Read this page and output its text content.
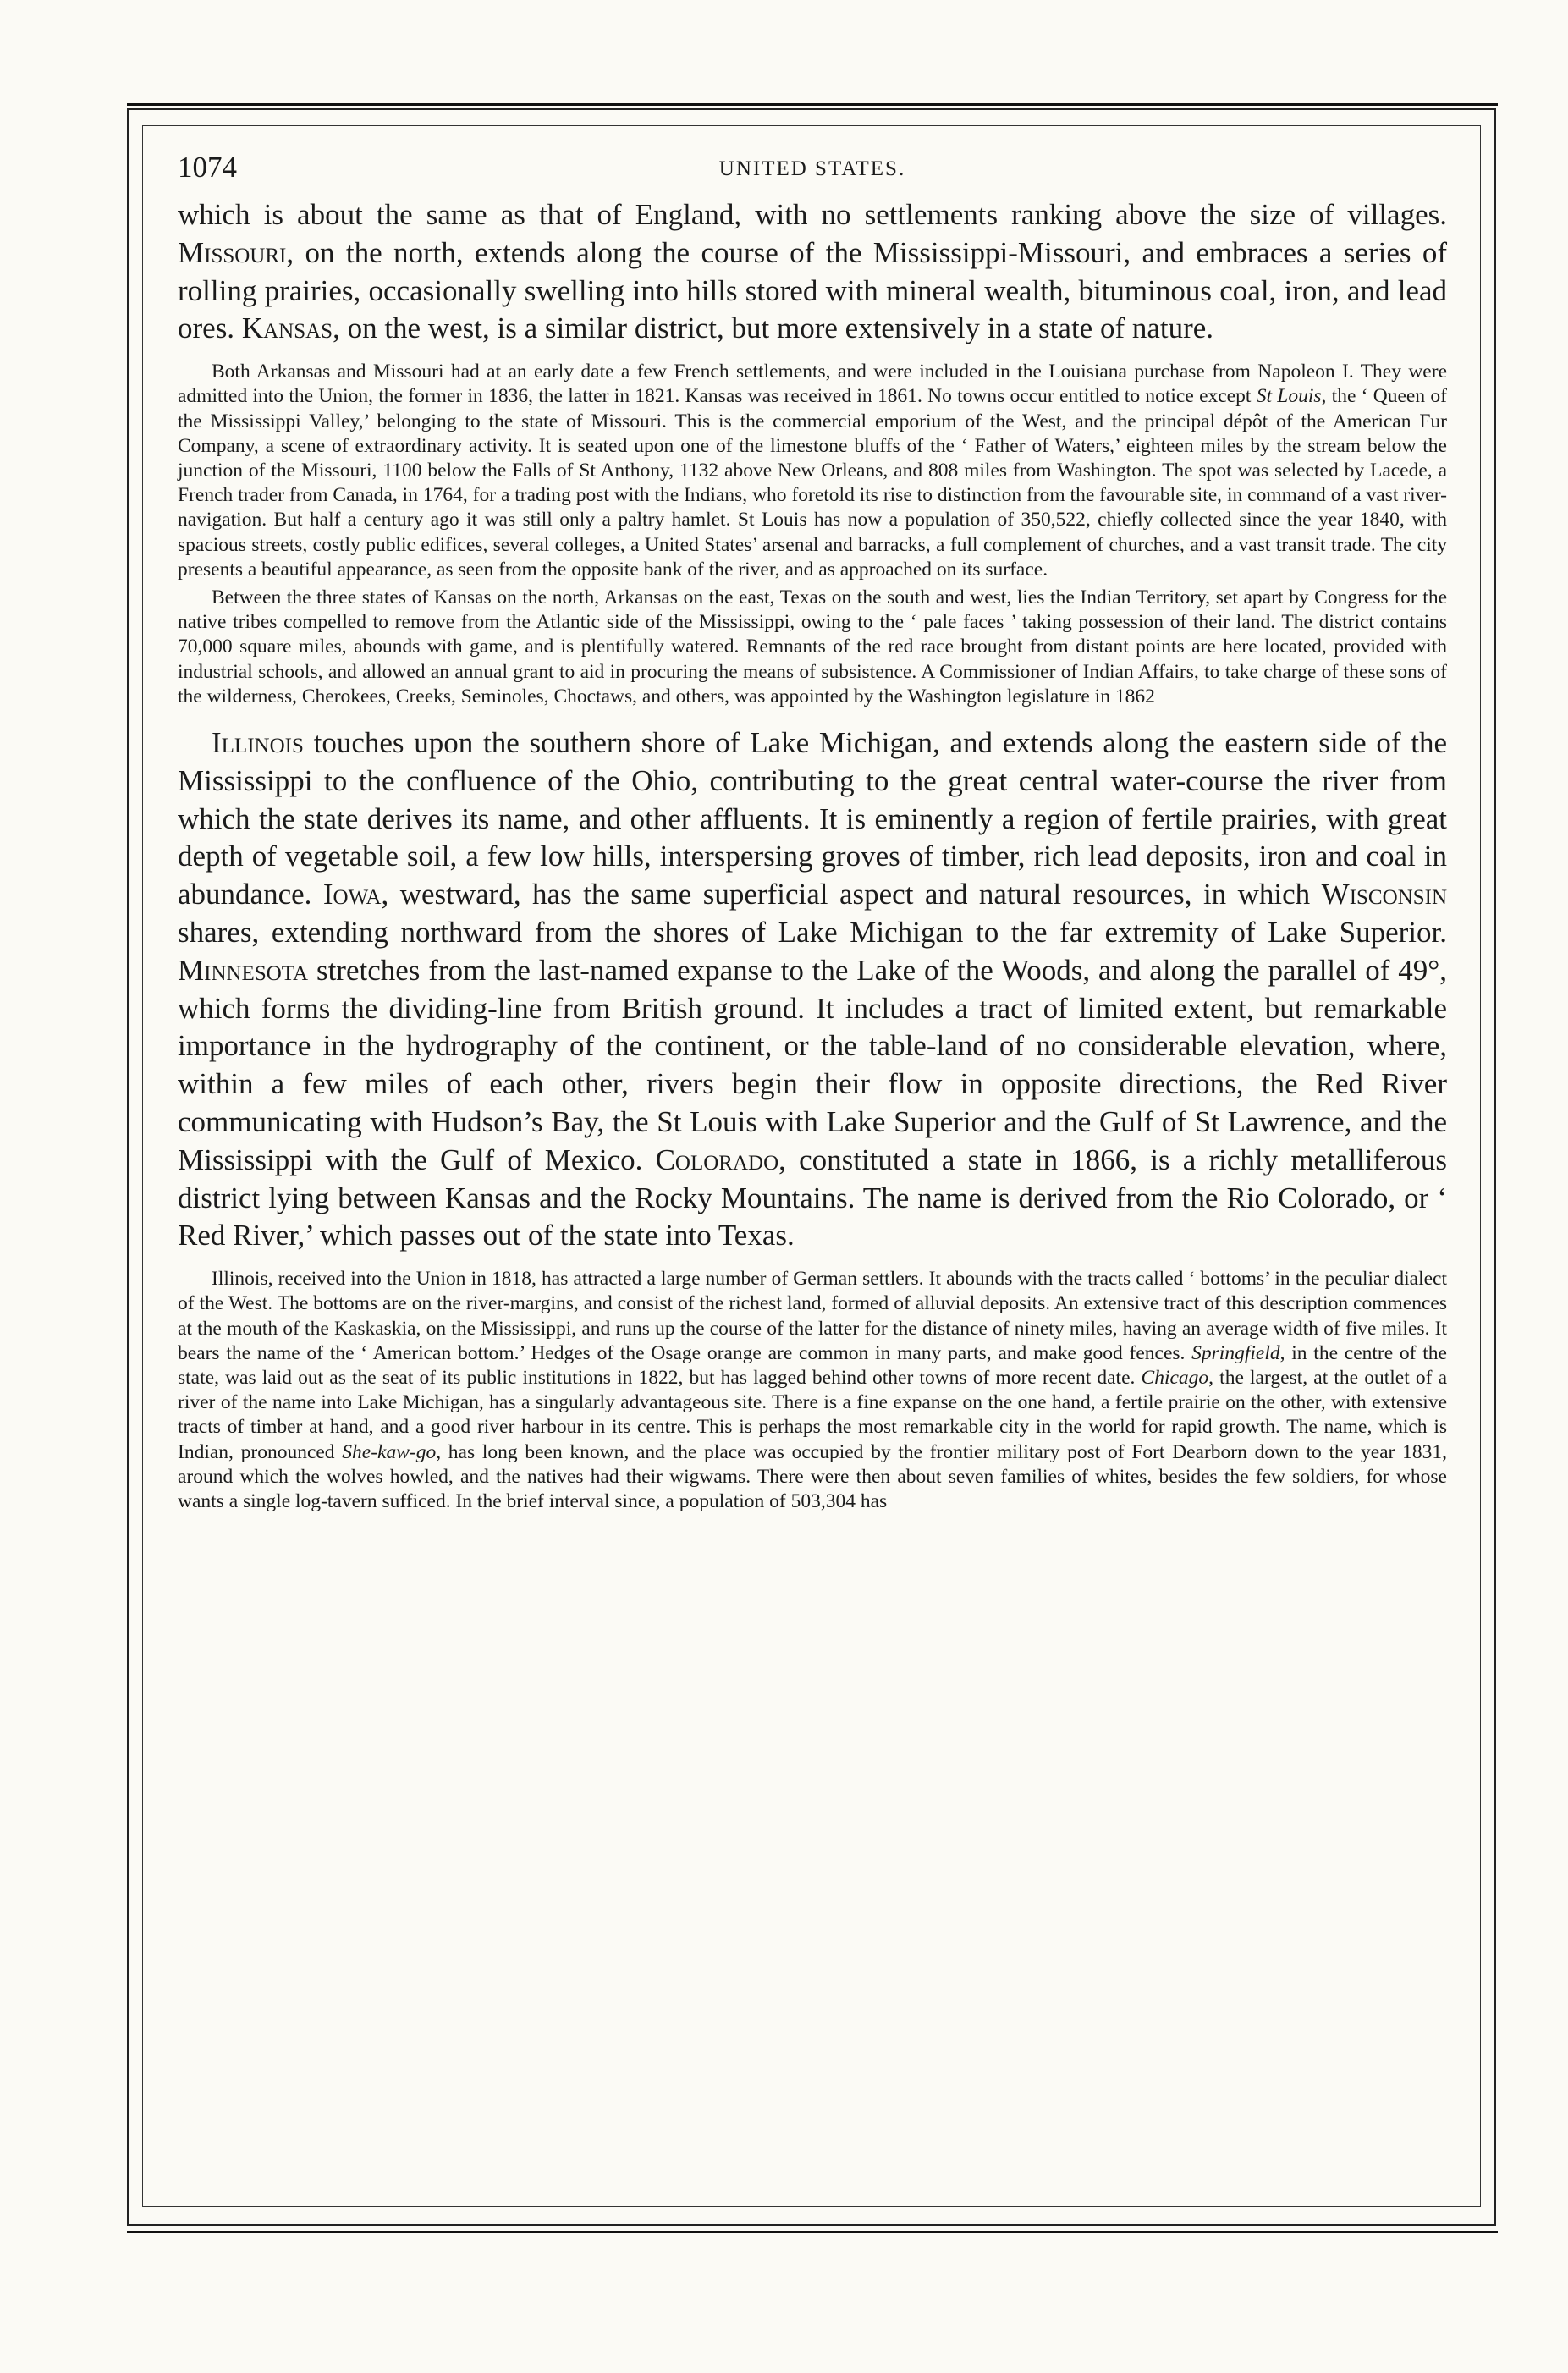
1074	UNITED STATES.

which is about the same as that of England, with no settlements ranking above the size of villages. Missouri, on the north, extends along the course of the Mississippi-Missouri, and embraces a series of rolling prairies, occasionally swelling into hills stored with mineral wealth, bituminous coal, iron, and lead ores. Kansas, on the west, is a similar district, but more extensively in a state of nature.

Both Arkansas and Missouri had at an early date a few French settlements, and were included in the Louisiana purchase from Napoleon I. They were admitted into the Union, the former in 1836, the latter in 1821. Kansas was received in 1861. No towns occur entitled to notice except St Louis, the ‘ Queen of the Mississippi Valley,’ belonging to the state of Missouri. This is the commercial emporium of the West, and the principal dépôt of the American Fur Company, a scene of extraordinary activity. It is seated upon one of the limestone bluffs of the ‘ Father of Waters,’ eighteen miles by the stream below the junction of the Missouri, 1100 below the Falls of St Anthony, 1132 above New Orleans, and 808 miles from Washington. The spot was selected by Lacede, a French trader from Canada, in 1764, for a trading post with the Indians, who foretold its rise to distinction from the favourable site, in command of a vast river-navigation. But half a century ago it was still only a paltry hamlet. St Louis has now a population of 350,522, chiefly collected since the year 1840, with spacious streets, costly public edifices, several colleges, a United States’ arsenal and barracks, a full complement of churches, and a vast transit trade. The city presents a beautiful appearance, as seen from the opposite bank of the river, and as approached on its surface.

Between the three states of Kansas on the north, Arkansas on the east, Texas on the south and west, lies the Indian Territory, set apart by Congress for the native tribes compelled to remove from the Atlantic side of the Mississippi, owing to the ‘ pale faces ’ taking possession of their land. The district contains 70,000 square miles, abounds with game, and is plentifully watered. Remnants of the red race brought from distant points are here located, provided with industrial schools, and allowed an annual grant to aid in procuring the means of subsistence. A Commissioner of Indian Affairs, to take charge of these sons of the wilderness, Cherokees, Creeks, Seminoles, Choctaws, and others, was appointed by the Washington legislature in 1862

Illinois touches upon the southern shore of Lake Michigan, and extends along the eastern side of the Mississippi to the confluence of the Ohio, contributing to the great central water-course the river from which the state derives its name, and other affluents. It is eminently a region of fertile prairies, with great depth of vegetable soil, a few low hills, interspersing groves of timber, rich lead deposits, iron and coal in abundance. Iowa, westward, has the same superficial aspect and natural resources, in which Wisconsin shares, extending northward from the shores of Lake Michigan to the far extremity of Lake Superior. Minnesota stretches from the last-named expanse to the Lake of the Woods, and along the parallel of 49°, which forms the dividing-line from British ground. It includes a tract of limited extent, but remarkable importance in the hydrography of the continent, or the table-land of no considerable elevation, where, within a few miles of each other, rivers begin their flow in opposite directions, the Red River communicating with Hudson’s Bay, the St Louis with Lake Superior and the Gulf of St Lawrence, and the Mississippi with the Gulf of Mexico. Colorado, constituted a state in 1866, is a richly metalliferous district lying between Kansas and the Rocky Mountains. The name is derived from the Rio Colorado, or ‘ Red River,’ which passes out of the state into Texas.

Illinois, received into the Union in 1818, has attracted a large number of German settlers. It abounds with the tracts called ‘ bottoms’ in the peculiar dialect of the West. The bottoms are on the river-margins, and consist of the richest land, formed of alluvial deposits. An extensive tract of this description commences at the mouth of the Kaskaskia, on the Mississippi, and runs up the course of the latter for the distance of ninety miles, having an average width of five miles. It bears the name of the ‘ American bottom.’ Hedges of the Osage orange are common in many parts, and make good fences. Springfield, in the centre of the state, was laid out as the seat of its public institutions in 1822, but has lagged behind other towns of more recent date. Chicago, the largest, at the outlet of a river of the name into Lake Michigan, has a singularly advantageous site. There is a fine expanse on the one hand, a fertile prairie on the other, with extensive tracts of timber at hand, and a good river harbour in its centre. This is perhaps the most remarkable city in the world for rapid growth. The name, which is Indian, pronounced She-kaw-go, has long been known, and the place was occupied by the frontier military post of Fort Dearborn down to the year 1831, around which the wolves howled, and the natives had their wigwams. There were then about seven families of whites, besides the few soldiers, for whose wants a single log-tavern sufficed. In the brief interval since, a population of 503,304 has
